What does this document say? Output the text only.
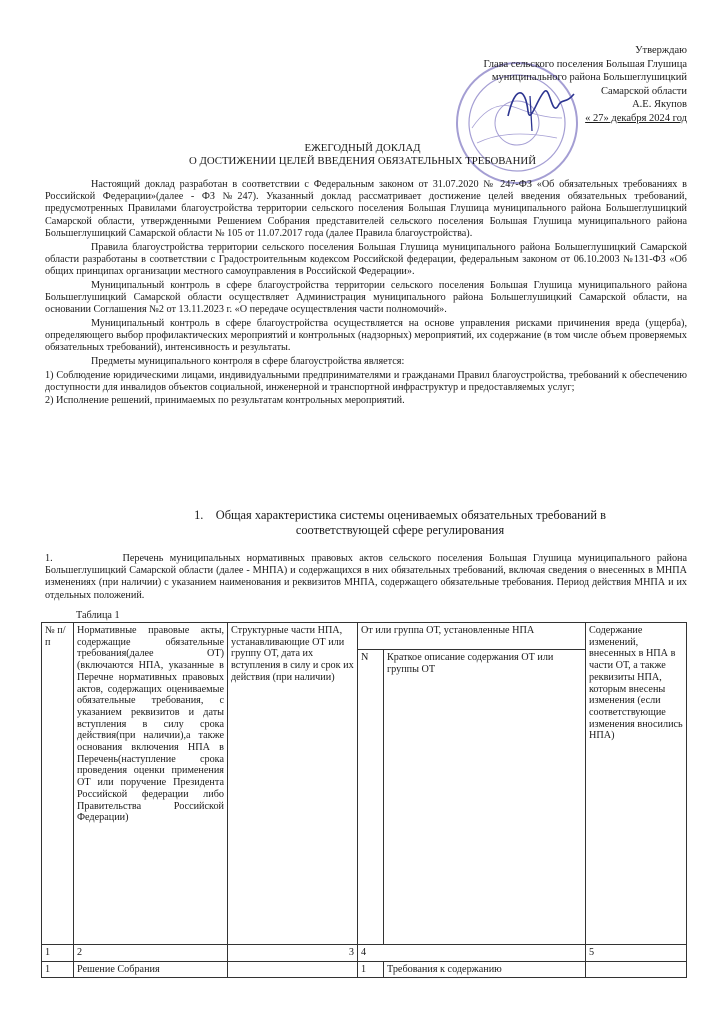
Утверждаю
Глава сельского поселения Большая Глушица
муниципального района Большеглушицкий
Самарской области
А.Е. Якупов
« 27» декабря 2024 год
ЕЖЕГОДНЫЙ ДОКЛАД
О ДОСТИЖЕНИИ ЦЕЛЕЙ ВВЕДЕНИЯ ОБЯЗАТЕЛЬНЫХ ТРЕБОВАНИЙ

Настоящий доклад разработан в соответствии с Федеральным законом от 31.07.2020 № 247-ФЗ «Об обязательных требованиях в Российской Федерации»(далее - ФЗ №247). Указанный доклад рассматривает достижение целей введения обязательных требований, предусмотренных Правилами благоустройства территории сельского поселения Большая Глушица муниципального района Большеглушицкий Самарской области, утвержденными Решением Собрания представителей сельского поселения Большая Глушица муниципального района Большеглушицкий Самарской области № 105 от 11.07.2017 года (далее Правила благоустройства).

Правила благоустройства территории сельского поселения Большая Глушица муниципального района Большеглушицкий Самарской области разработаны в соответствии с Градостроительным кодексом Российской федерации, федеральным законом от 06.10.2003 №131-ФЗ «Об общих принципах организации местного самоуправления в Российской Федерации».

Муниципальный контроль в сфере благоустройства территории сельского поселения Большая Глушица муниципального района Большеглушицкий Самарской области осуществляет Администрация муниципального района Большеглушицкий Самарской области, на основании Соглашения №2 от 13.11.2023 г. «О передаче осуществления части полномочий».

Муниципальный контроль в сфере благоустройства осуществляется на основе управления рисками причинения вреда (ущерба), определяющего выбор профилактических мероприятий и контрольных (надзорных) мероприятий, их содержание (в том числе объем проверяемых обязательных требований), интенсивность и результаты.

Предметы муниципального контроля в сфере благоустройства является:

1) Соблюдение юридическими лицами, индивидуальными предпринимателями и гражданами Правил благоустройства, требований к обеспечению доступности для инвалидов объектов социальной, инженерной и транспортной инфраструктур и предоставляемых услуг;

2) Исполнение решений, принимаемых по результатам контрольных мероприятий.

1. Общая характеристика системы оцениваемых обязательных требований в соответствующей сфере регулирования

1.	Перечень муниципальных нормативных правовых актов сельского поселения Большая Глушица муниципального района Большеглушицкий Самарской области (далее - МНПА) и содержащихся в них обязательных требований, включая сведения о внесенных в МНПА изменениях (при наличии) с указанием наименования и реквизитов МНПА, содержащего обязательные требования. Период действия МНПА и их отдельных положений.

Таблица 1
№ п/п	Нормативные правовые акты, содержащие обязательные требования(далее ОТ)(включаются НПА, указанные в Перечне нормативных правовых актов, содержащих оцениваемые обязательные требования, с указанием реквизитов и даты вступления в силу срока действия(при наличии),а также основания включения НПА в Перечень(наступление срока проведения оценки применения ОТ или поручение Президента Российской федерации либо Правительства Российской Федерации)	Структурные части НПА, устанавливающие ОТ или группу ОТ, дата их вступления в силу и срок их действия (при наличии)	От или группа ОТ, установленные НПА		Содержание изменений, внесенных в НПА в части ОТ, а также реквизиты НПА, которым внесены изменения (если соответствующие изменения вносились НПА)
			N	Краткое описание содержания ОТ или группы ОТ	
1	2	3	4		5
1	Решение Собрания		1	Требования к содержанию	
